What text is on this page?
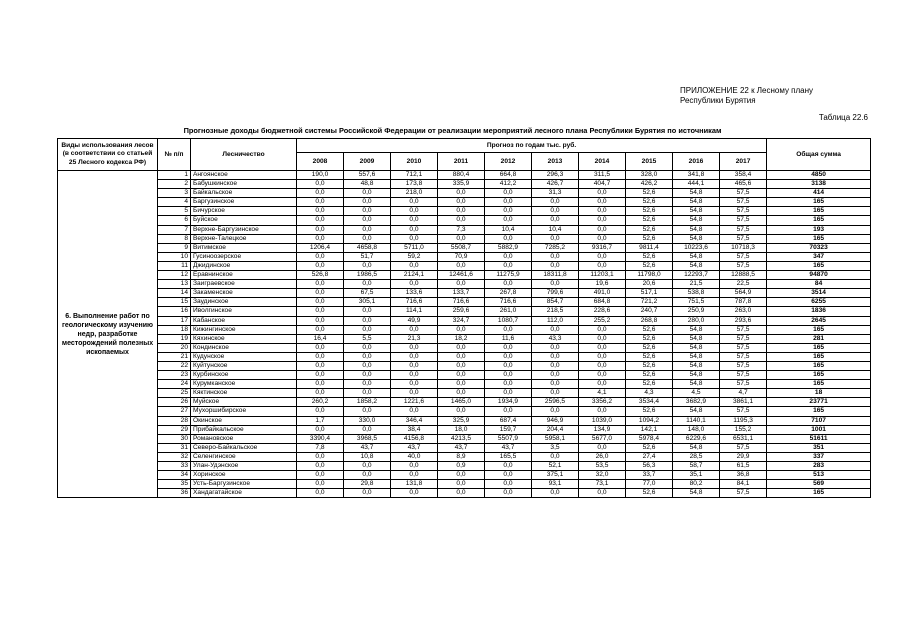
ПРИЛОЖЕНИЕ 22 к Лесному плану
Республики Бурятия
Таблица 22.6
Прогнозные доходы бюджетной системы Российской Федерации от реализации мероприятий лесного плана Республики Бурятия по источникам
Виды использования лесов (в соответствии со статьей 25 Лесного кодекса РФ)	№ п/п	Лесничество	Прогноз по годам тыс. руб.										Общая сумма
			2008	2009	2010	2011	2012	2013	2014	2015	2016	2017	
6. Выполнение работ по геологическому изучению недр, разработке месторождений полезных ископаемых	1	Ангоянское	190,0	557,6	712,1	880,4	664,8	296,3	311,5	328,0	341,8	358,4	4850
	2	Бабушкинское	0,0	48,8	173,8	335,9	412,2	426,7	404,7	426,2	444,1	465,6	3138
	3	Байкальское	0,0	0,0	218,0	0,0	0,0	31,3	0,0	52,6	54,8	57,5	414
	4	Баргузинское	0,0	0,0	0,0	0,0	0,0	0,0	0,0	52,6	54,8	57,5	165
	5	Бичурское	0,0	0,0	0,0	0,0	0,0	0,0	0,0	52,6	54,8	57,5	165
	6	Буйское	0,0	0,0	0,0	0,0	0,0	0,0	0,0	52,6	54,8	57,5	165
	7	Верхне-Баргузинское	0,0	0,0	0,0	7,3	10,4	10,4	0,0	52,6	54,8	57,5	193
	8	Верхне-Талецкое	0,0	0,0	0,0	0,0	0,0	0,0	0,0	52,6	54,8	57,5	165
	9	Витимское	1206,4	4658,8	5711,0	5508,7	5882,9	7285,2	9316,7	9811,4	10223,6	10718,3	70323
	10	Гусиноозерское	0,0	51,7	59,2	70,9	0,0	0,0	0,0	52,6	54,8	57,5	347
	11	Джидинское	0,0	0,0	0,0	0,0	0,0	0,0	0,0	52,6	54,8	57,5	165
	12	Еравнинское	526,8	1986,5	2124,1	12461,6	11275,9	18311,8	11203,1	11798,0	12293,7	12888,5	94870
	13	Заиграевское	0,0	0,0	0,0	0,0	0,0	0,0	19,6	20,6	21,5	22,5	84
	14	Закаменское	0,0	67,5	133,6	133,7	267,8	799,6	491,0	517,1	538,8	564,9	3514
	15	Заудинское	0,0	305,1	716,6	716,6	716,6	854,7	684,8	721,2	751,5	787,8	6255
	16	Иволгинское	0,0	0,0	114,1	259,6	261,0	218,5	228,6	240,7	250,9	263,0	1836
	17	Кабанское	0,0	0,0	49,9	324,7	1080,7	112,0	255,2	268,8	280,0	293,6	2645
	18	Кижингинское	0,0	0,0	0,0	0,0	0,0	0,0	0,0	52,6	54,8	57,5	165
	19	Кяхинское	16,4	5,5	21,3	18,2	11,6	43,3	0,0	52,6	54,8	57,5	281
	20	Кондинское	0,0	0,0	0,0	0,0	0,0	0,0	0,0	52,6	54,8	57,5	165
	21	Кудунское	0,0	0,0	0,0	0,0	0,0	0,0	0,0	52,6	54,8	57,5	165
	22	Куйтунское	0,0	0,0	0,0	0,0	0,0	0,0	0,0	52,6	54,8	57,5	165
	23	Курбинское	0,0	0,0	0,0	0,0	0,0	0,0	0,0	52,6	54,8	57,5	165
	24	Курумканское	0,0	0,0	0,0	0,0	0,0	0,0	0,0	52,6	54,8	57,5	165
	25	Кяктинское	0,0	0,0	0,0	0,0	0,0	0,0	4,1	4,3	4,5	4,7	18
	26	Муйское	260,2	1858,2	1221,6	1465,0	1934,9	2596,5	3356,2	3534,4	3682,9	3861,1	23771
	27	Мухоршибирское	0,0	0,0	0,0	0,0	0,0	0,0	0,0	52,6	54,8	57,5	165
	28	Окинское	1,7	330,0	346,4	325,9	687,4	946,9	1039,0	1094,2	1140,1	1195,3	7107
	29	Прибайкальское	0,0	0,0	38,4	18,0	159,7	204,4	134,9	142,1	148,0	155,2	1001
	30	Романовское	3390,4	3968,5	4156,8	4213,5	5507,9	5958,1	5677,0	5978,4	6229,6	6531,1	51611
	31	Северо-Байкальское	7,8	43,7	43,7	43,7	43,7	3,5	0,0	52,6	54,8	57,5	351
	32	Селенгинское	0,0	10,8	40,0	8,9	165,5	0,0	26,0	27,4	28,5	29,9	337
	33	Улан-Удэнское	0,0	0,0	0,0	0,9	0,0	52,1	53,5	56,3	58,7	61,5	283
	34	Хоринское	0,0	0,0	0,0	0,0	0,0	375,1	32,0	33,7	35,1	36,8	513
	35	Усть-Баргузинское	0,0	29,8	131,8	0,0	0,0	93,1	73,1	77,0	80,2	84,1	569
	36	Хандагатайское	0,0	0,0	0,0	0,0	0,0	0,0	0,0	52,6	54,8	57,5	165
